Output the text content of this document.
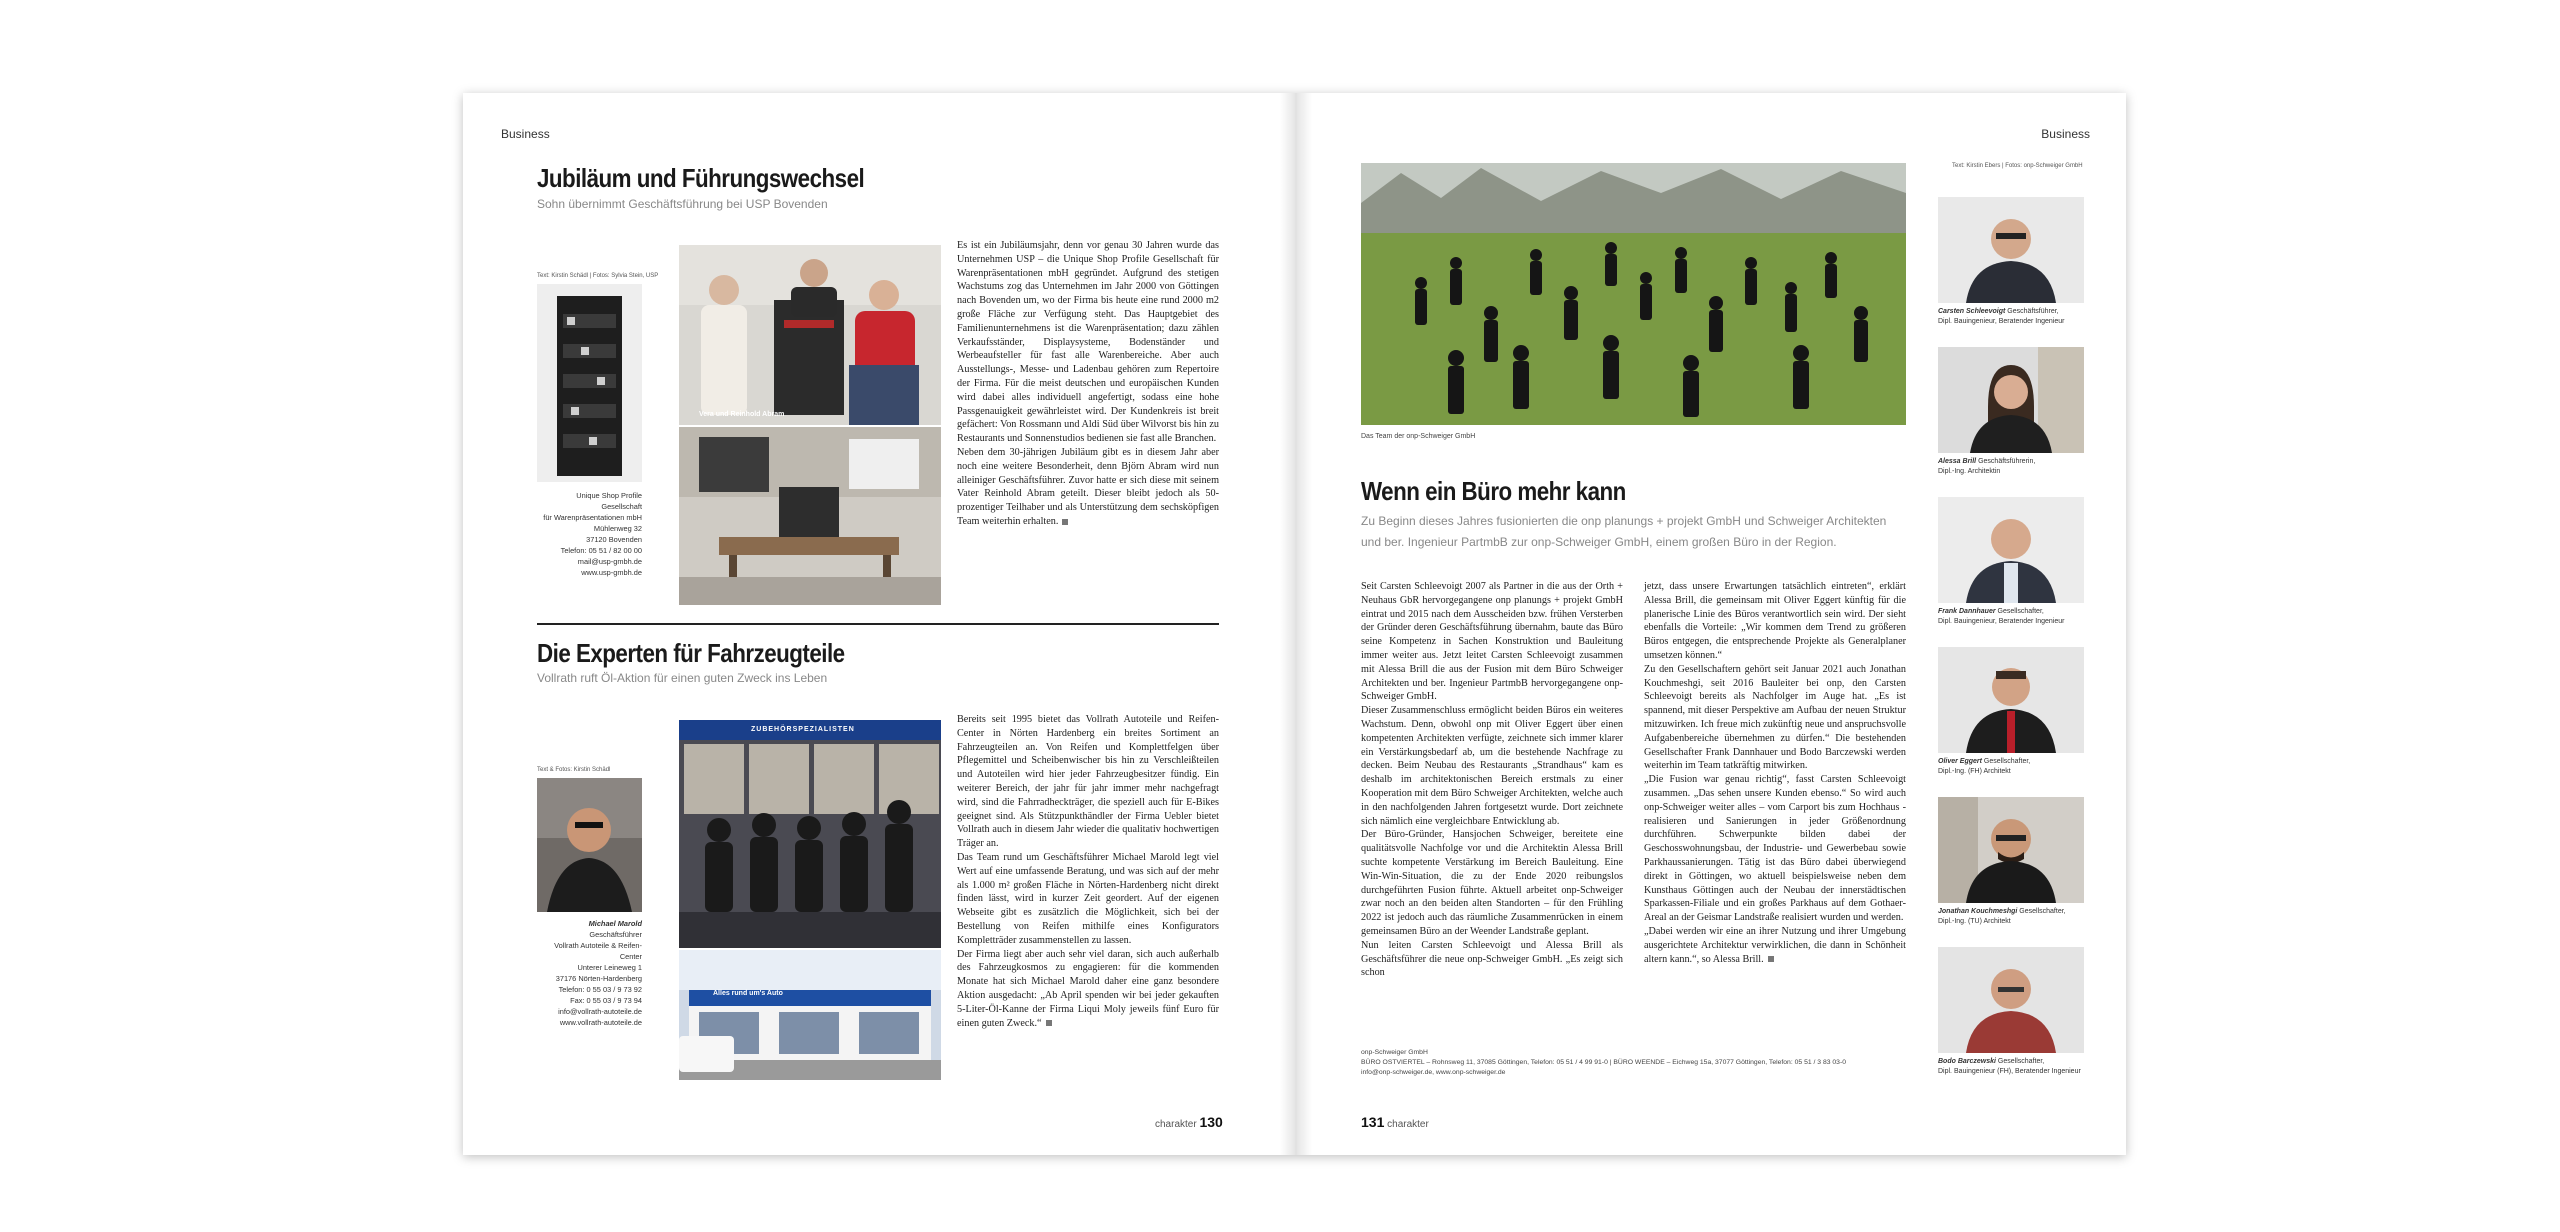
Business
Jubiläum und Führungswechsel
Sohn übernimmt Geschäftsführung bei USP Bovenden
Text: Kirstin Schädl | Fotos: Sylvia Stein, USP
Unique Shop Profile Gesellschaft
für Warenpräsentationen mbH
Mühlenweg 32
37120 Bovenden
Telefon: 05 51 / 82 00 00
mail@usp-gmbh.de
www.usp-gmbh.de
Vera und Reinhold Abram

Es ist ein Jubiläumsjahr, denn vor genau 30 Jahren wurde das Unternehmen USP – die Unique Shop Profile Gesellschaft für Warenpräsentationen mbH gegründet. Aufgrund des stetigen Wachstums zog das Unternehmen im Jahr 2000 von Göttingen nach Bovenden um, wo der Firma bis heute eine rund 2000 m2 große Fläche zur Verfügung steht. Das Hauptgebiet des Familienunternehmens ist die Warenpräsentation; dazu zählen Verkaufsständer, Displaysysteme, Bodenständer und Werbeaufsteller für fast alle Warenbereiche. Aber auch Ausstellungs-, Messe- und Ladenbau gehören zum Repertoire der Firma. Für die meist deutschen und europäischen Kunden wird dabei alles individuell angefertigt, sodass eine hohe Passgenauigkeit gewährleistet wird. Der Kundenkreis ist breit gefächert: Von Rossmann und Aldi Süd über Wilvorst bis hin zu Restaurants und Sonnenstudios bedienen sie fast alle Branchen.

Neben dem 30-jährigen Jubiläum gibt es in diesem Jahr aber noch eine weitere Besonderheit, denn Björn Abram wird nun alleiniger Geschäftsführer. Zuvor hatte er sich diese mit seinem Vater Reinhold Abram geteilt. Dieser bleibt jedoch als 50-prozentiger Teilhaber und als Unterstützung dem sechsköpfigen Team weiterhin erhalten.

Die Experten für Fahrzeugteile
Vollrath ruft Öl-Aktion für einen guten Zweck ins Leben
Text & Fotos: Kirstin Schädl
Michael Marold
Geschäftsführer
Vollrath Autoteile & Reifen-Center
Unterer Leineweg 1
37176 Nörten-Hardenberg
Telefon: 0 55 03 / 9 73 92
Fax: 0 55 03 / 9 73 94
info@vollrath-autoteile.de
www.vollrath-autoteile.de
ZUBEHÖRSPEZIALISTEN
Alles rund um's Auto

Bereits seit 1995 bietet das Vollrath Autoteile und Reifen-Center in Nörten Hardenberg ein breites Sortiment an Fahrzeugteilen an. Von Reifen und Komplettfelgen über Pflegemittel und Scheibenwischer bis hin zu Verschleißteilen und Autoteilen wird hier jeder Fahrzeugbesitzer fündig. Ein weiterer Bereich, der jahr für jahr immer mehr nachgefragt wird, sind die Fahrradheckträger, die speziell auch für E-Bikes geeignet sind. Als Stützpunkthändler der Firma Uebler bietet Vollrath auch in diesem Jahr wieder die qualitativ hochwertigen Träger an.

Das Team rund um Geschäftsführer Michael Marold legt viel Wert auf eine umfassende Beratung, und was sich auf der mehr als 1.000 m² großen Fläche in Nörten-Hardenberg nicht direkt finden lässt, wird in kurzer Zeit geordert. Auf der eigenen Webseite gibt es zusätzlich die Möglichkeit, sich bei der Bestellung von Reifen mithilfe eines Konfigurators Kompletträder zusammenstellen zu lassen.

Der Firma liegt aber auch sehr viel daran, sich auch außerhalb des Fahrzeugkosmos zu engagieren: für die kommenden Monate hat sich Michael Marold daher eine ganz besondere Aktion ausgedacht: „Ab April spenden wir bei jeder gekauften 5-Liter-Öl-Kanne der Firma Liqui Moly jeweils fünf Euro für einen guten Zweck.“

charakter 130
Business
Das Team der onp-Schweiger GmbH
Text: Kirstin Ebers | Fotos: onp-Schweiger GmbH
Wenn ein Büro mehr kann
Zu Beginn dieses Jahres fusionierten die onp planungs + projekt GmbH und Schweiger Architekten und ber. Ingenieur PartmbB zur onp-Schweiger GmbH, einem großen Büro in der Region.

Seit Carsten Schleevoigt 2007 als Partner in die aus der Orth + Neuhaus GbR hervorgegangene onp planungs + projekt GmbH eintrat und 2015 nach dem Ausscheiden bzw. frühen Versterben der Gründer deren Geschäftsführung übernahm, baute das Büro seine Kompetenz in Sachen Konstruktion und Bauleitung immer weiter aus. Jetzt leitet Carsten Schleevoigt zusammen mit Alessa Brill die aus der Fusion mit dem Büro Schweiger Architekten und ber. Ingenieur PartmbB hervorgegangene onp-Schweiger GmbH.

Dieser Zusammenschluss ermöglicht beiden Büros ein weiteres Wachstum. Denn, obwohl onp mit Oliver Eggert über einen kompetenten Architekten verfügte, zeichnete sich immer klarer ein Verstärkungsbedarf ab, um die bestehende Nachfrage zu decken. Beim Neubau des Restaurants „Strandhaus“ kam es deshalb im architektonischen Bereich erstmals zu einer Kooperation mit dem Büro Schweiger Architekten, welche auch in den nachfolgenden Jahren fortgesetzt wurde. Dort zeichnete sich nämlich eine vergleichbare Entwicklung ab.

Der Büro-Gründer, Hansjochen Schweiger, bereitete eine qualitätsvolle Nachfolge vor und die Architektin Alessa Brill suchte kompetente Verstärkung im Bereich Bauleitung. Eine Win-Win-Situation, die zu der Ende 2020 reibungslos durchgeführten Fusion führte. Aktuell arbeitet onp-Schweiger zwar noch an den beiden alten Standorten – für den Frühling 2022 ist jedoch auch das räumliche Zusammenrücken in einem gemeinsamen Büro an der Weender Landstraße geplant.

Nun leiten Carsten Schleevoigt und Alessa Brill als Geschäftsführer die neue onp-Schweiger GmbH. „Es zeigt sich schon

jetzt, dass unsere Erwartungen tatsächlich eintreten“, erklärt Alessa Brill, die gemeinsam mit Oliver Eggert künftig für die planerische Linie des Büros verantwortlich sein wird. Der sieht ebenfalls die Vorteile: „Wir kommen dem Trend zu größeren Büros entgegen, die entsprechende Projekte als Generalplaner umsetzen können.“

Zu den Gesellschaftern gehört seit Januar 2021 auch Jonathan Kouchmeshgi, seit 2016 Bauleiter bei onp, den Carsten Schleevoigt bereits als Nachfolger im Auge hat. „Es ist spannend, mit dieser Perspektive am Aufbau der neuen Struktur mitzuwirken. Ich freue mich zukünftig neue und anspruchsvolle Aufgabenbereiche übernehmen zu dürfen.“ Die bestehenden Gesellschafter Frank Dannhauer und Bodo Barczewski werden weiterhin im Team tatkräftig mitwirken.

„Die Fusion war genau richtig“, fasst Carsten Schleevoigt zusammen. „Das sehen unsere Kunden ebenso.“ So wird auch onp-Schweiger weiter alles – vom Carport bis zum Hochhaus - realisieren und Sanierungen in jeder Größenordnung durchführen. Schwerpunkte bilden dabei der Geschosswohnungsbau, der Industrie- und Gewerbebau sowie Parkhaussanierungen. Tätig ist das Büro dabei überwiegend direkt in Göttingen, wo aktuell beispielsweise neben dem Kunsthaus Göttingen auch der Neubau der innerstädtischen Sparkassen-Filiale und ein großes Parkhaus auf dem Gothaer-Areal an der Geismar Landstraße realisiert wurden und werden.

„Dabei werden wir eine an ihrer Nutzung und ihrer Umgebung ausgerichtete Architektur verwirklichen, die dann in Schönheit altern kann.“, so Alessa Brill.

onp-Schweiger GmbH
BÜRO OSTVIERTEL – Rohnsweg 11, 37085 Göttingen, Telefon: 05 51 / 4 99 91-0 | BÜRO WEENDE – Eichweg 15a, 37077 Göttingen, Telefon: 05 51 / 3 83 03-0
info@onp-schweiger.de, www.onp-schweiger.de
Carsten Schleevoigt Geschäftsführer,
Dipl. Bauingenieur, Beratender Ingenieur
Alessa Brill Geschäftsführerin,
Dipl.-Ing. Architektin
Frank Dannhauer Gesellschafter,
Dipl. Bauingenieur, Beratender Ingenieur
Oliver Eggert Gesellschafter,
Dipl.-Ing. (FH) Architekt
Jonathan Kouchmeshgi Gesellschafter,
Dipl.-Ing. (TU) Architekt
Bodo Barczewski Gesellschafter,
Dipl. Bauingenieur (FH), Beratender Ingenieur
131 charakter
